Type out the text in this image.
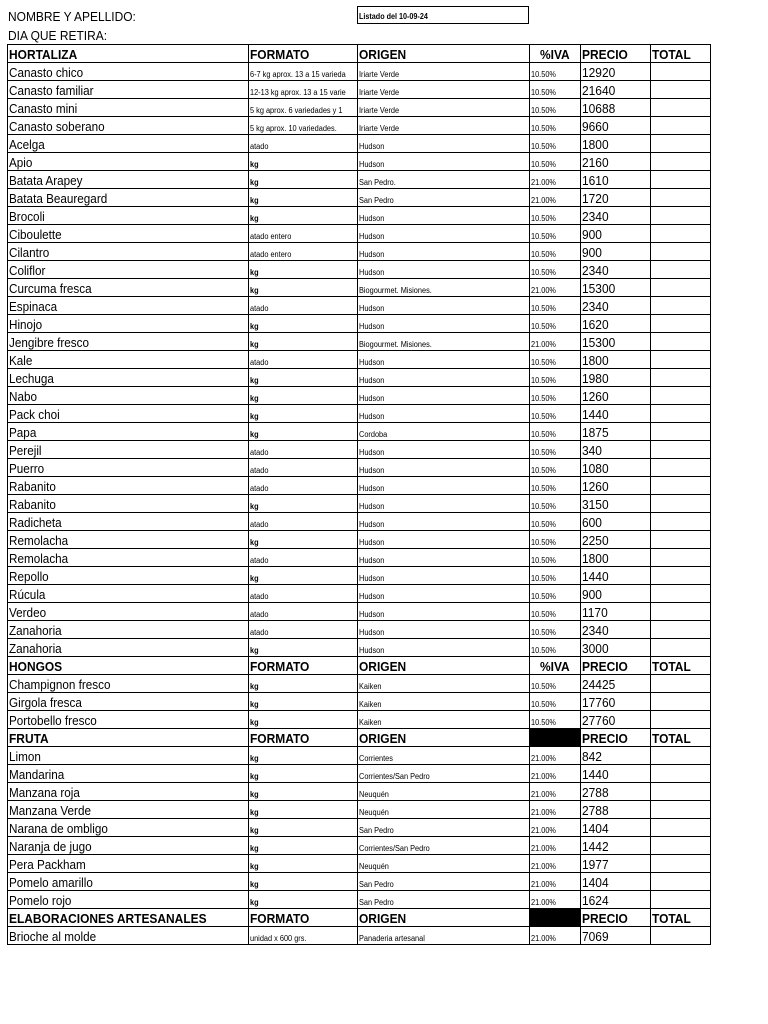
NOMBRE Y APELLIDO:
DIA QUE RETIRA:
Listado del 10-09-24
HORTALIZA	FORMATO	ORIGEN	%IVA	PRECIO	TOTAL
Canasto chico	6-7 kg aprox. 13 a 15 varieda	Iriarte Verde	10.50%	12920	
Canasto familiar	12-13 kg aprox. 13 a 15 varie	Iriarte Verde	10.50%	21640	
Canasto mini	5 kg aprox. 6 variedades y 1	Iriarte Verde	10.50%	10688	
Canasto soberano	5 kg aprox. 10 variedades.	Iriarte Verde	10.50%	9660	
Acelga	atado	Hudson	10.50%	1800	
Apio	kg	Hudson	10.50%	2160	
Batata Arapey	kg	San Pedro.	21.00%	1610	
Batata Beauregard	kg	San Pedro	21.00%	1720	
Brocoli	kg	Hudson	10.50%	2340	
Ciboulette	atado entero	Hudson	10.50%	900	
Cilantro	atado entero	Hudson	10.50%	900	
Coliflor	kg	Hudson	10.50%	2340	
Curcuma fresca	kg	Biogourmet. Misiones.	21.00%	15300	
Espinaca	atado	Hudson	10.50%	2340	
Hinojo	kg	Hudson	10.50%	1620	
Jengibre fresco	kg	Biogourmet. Misiones.	21.00%	15300	
Kale	atado	Hudson	10.50%	1800	
Lechuga	kg	Hudson	10.50%	1980	
Nabo	kg	Hudson	10.50%	1260	
Pack choi	kg	Hudson	10.50%	1440	
Papa	kg	Cordoba	10.50%	1875	
Perejil	atado	Hudson	10.50%	340	
Puerro	atado	Hudson	10.50%	1080	
Rabanito	atado	Hudson	10.50%	1260	
Rabanito	kg	Hudson	10.50%	3150	
Radicheta	atado	Hudson	10.50%	600	
Remolacha	kg	Hudson	10.50%	2250	
Remolacha	atado	Hudson	10.50%	1800	
Repollo	kg	Hudson	10.50%	1440	
Rúcula	atado	Hudson	10.50%	900	
Verdeo	atado	Hudson	10.50%	1170	
Zanahoria	atado	Hudson	10.50%	2340	
Zanahoria	kg	Hudson	10.50%	3000	
HONGOS	FORMATO	ORIGEN	%IVA	PRECIO	TOTAL
Champignon fresco	kg	Kaiken	10.50%	24425	
Girgola fresca	kg	Kaiken	10.50%	17760	
Portobello fresco	kg	Kaiken	10.50%	27760	
FRUTA	FORMATO	ORIGEN		PRECIO	TOTAL
Limon	kg	Corrientes	21.00%	842	
Mandarina	kg	Corrientes/San Pedro	21.00%	1440	
Manzana roja	kg	Neuquén	21.00%	2788	
Manzana Verde	kg	Neuquén	21.00%	2788	
Narana de ombligo	kg	San Pedro	21.00%	1404	
Naranja de jugo	kg	Corrientes/San Pedro	21.00%	1442	
Pera Packham	kg	Neuquén	21.00%	1977	
Pomelo amarillo	kg	San Pedro	21.00%	1404	
Pomelo rojo	kg	San Pedro	21.00%	1624	
ELABORACIONES ARTESANALES	FORMATO	ORIGEN		PRECIO	TOTAL
Brioche al molde	unidad x 600 grs.	Panaderia artesanal	21.00%	7069	
